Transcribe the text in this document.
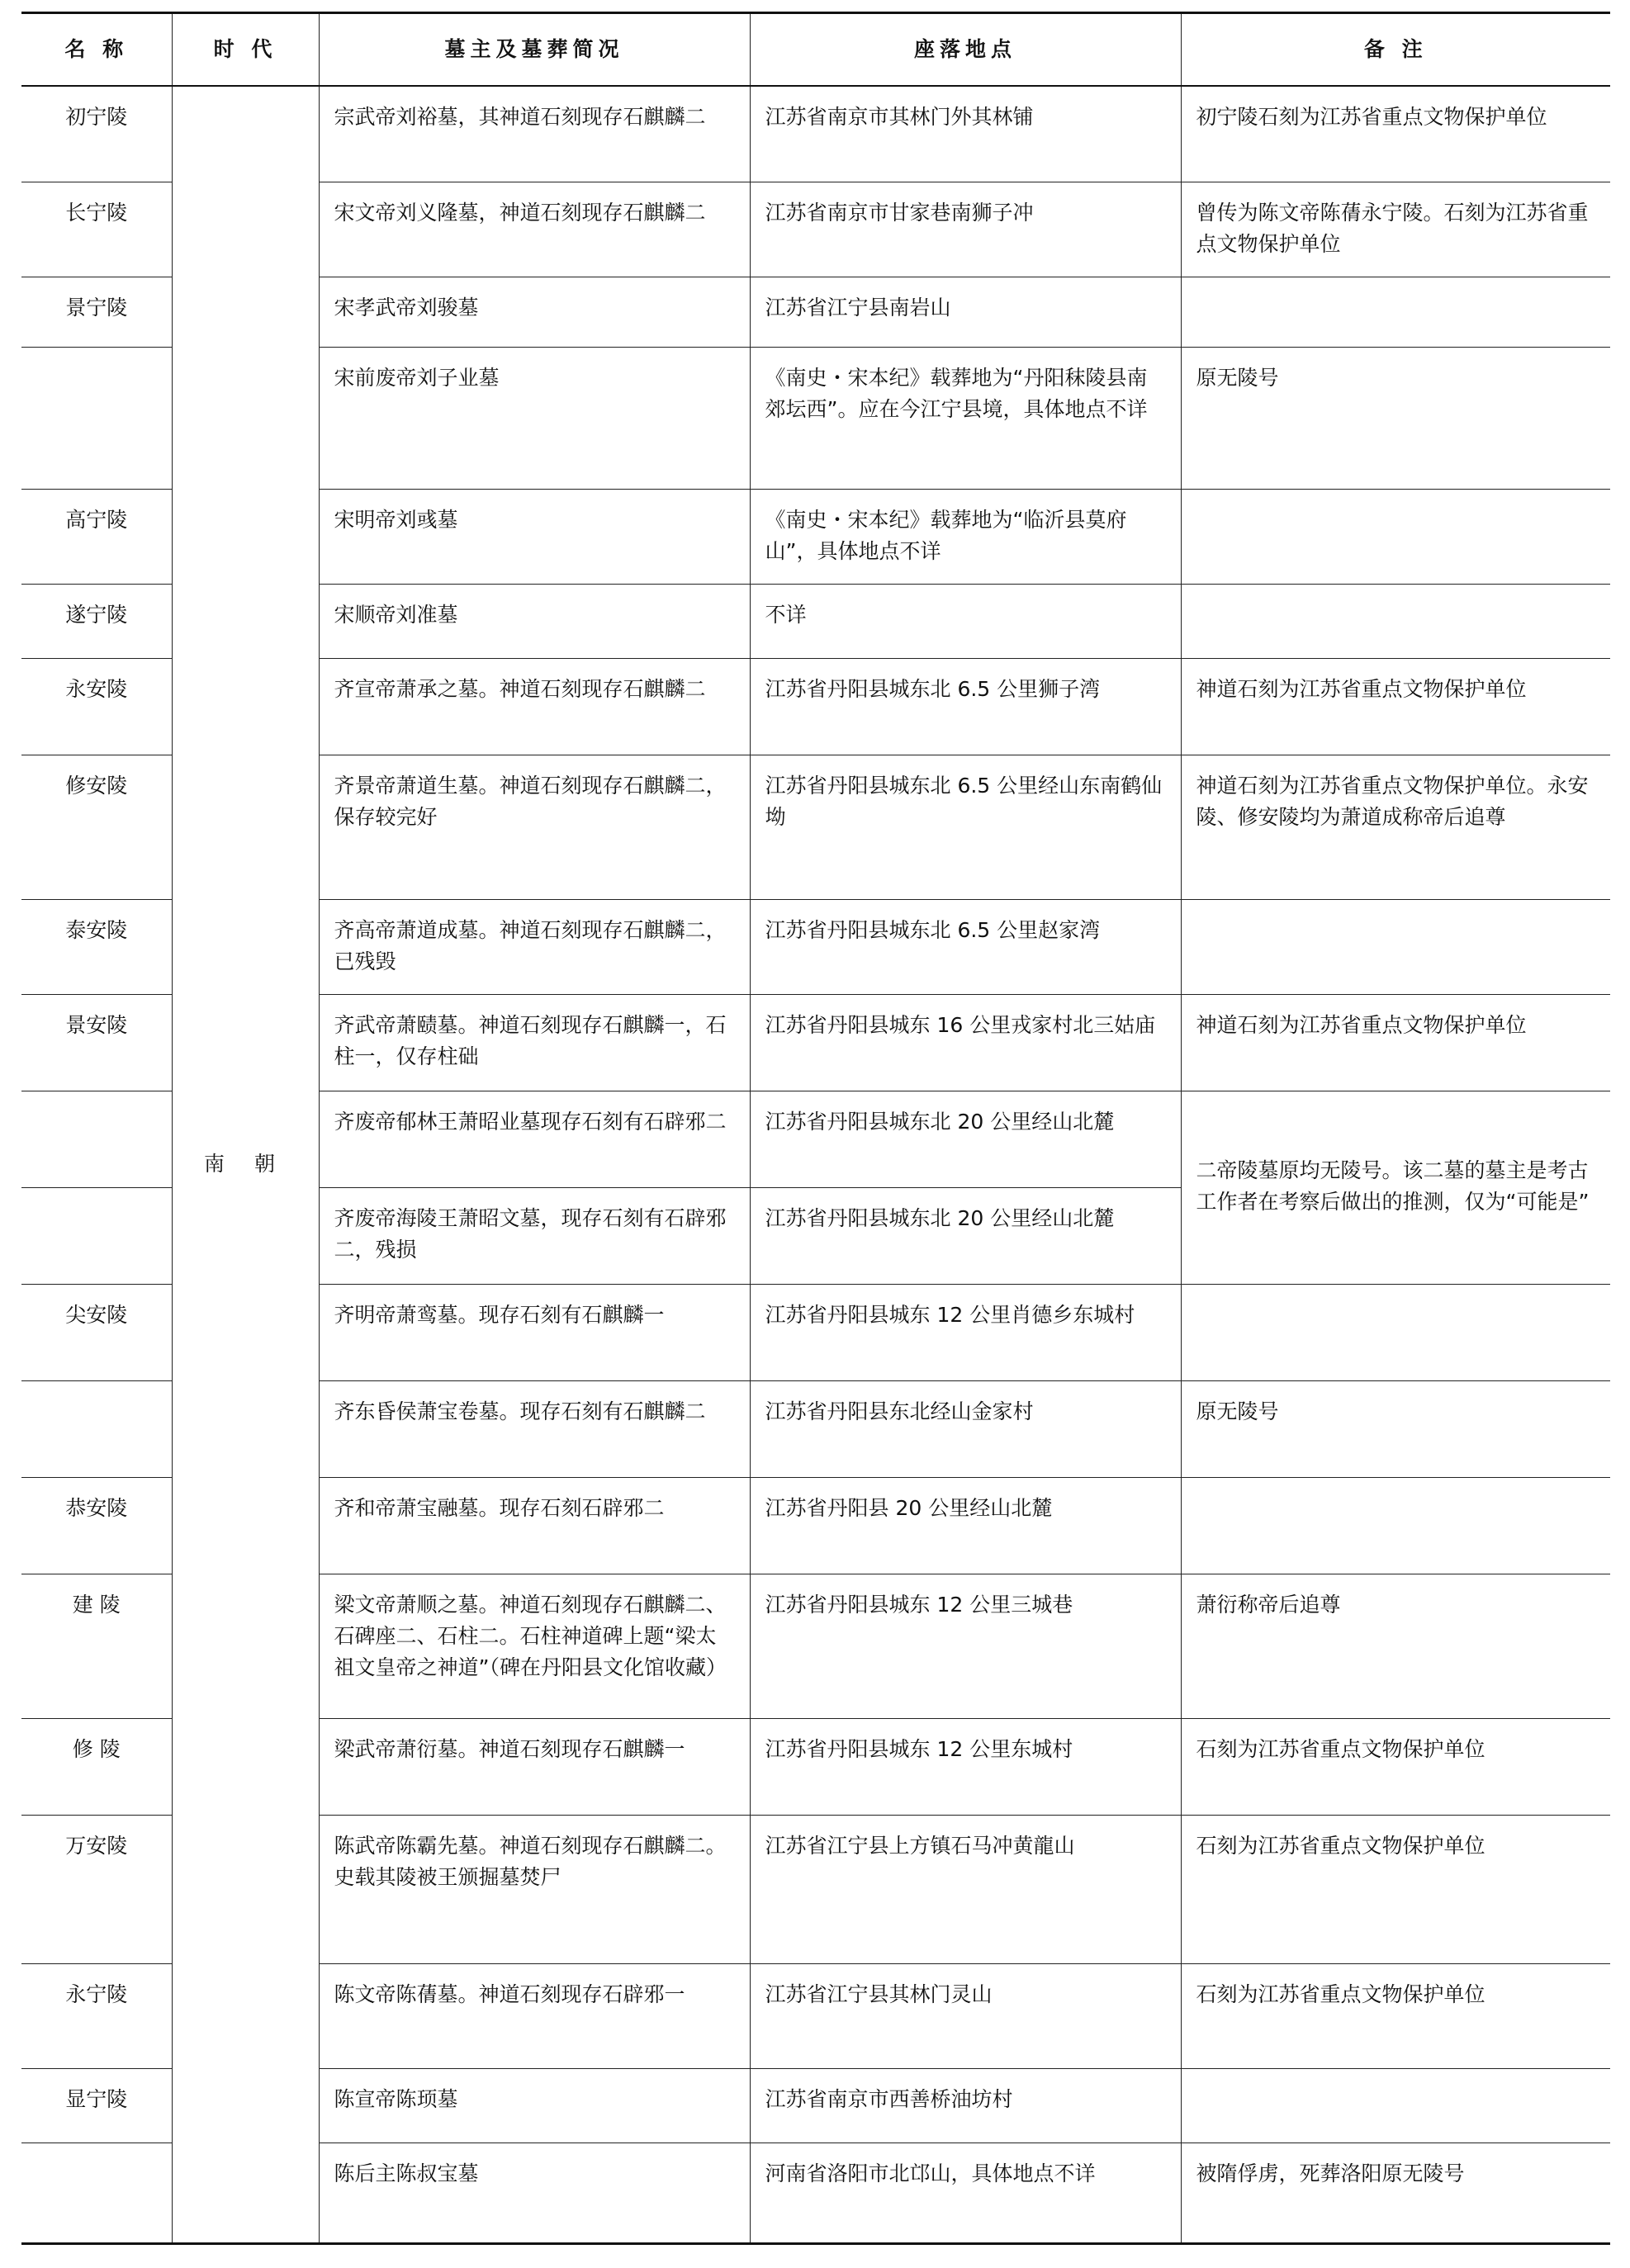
名 称	时 代	墓主及墓葬简况	座落地点	备 注
初宁陵	南 朝	宗武帝刘裕墓，其神道石刻现存石麒麟二	江苏省南京市其林门外其林铺	初宁陵石刻为江苏省重点文物保护单位
长宁陵		宋文帝刘义隆墓，神道石刻现存石麒麟二	江苏省南京市甘家巷南狮子冲	曾传为陈文帝陈蒨永宁陵。石刻为江苏省重点文物保护单位
景宁陵		宋孝武帝刘骏墓	江苏省江宁县南岩山	
		宋前废帝刘子业墓	《南史・宋本纪》载葬地为“丹阳秣陵县南郊坛西”。应在今江宁县境，具体地点不详	原无陵号
高宁陵		宋明帝刘彧墓	《南史・宋本纪》载葬地为“临沂县莫府山”，具体地点不详	
遂宁陵		宋顺帝刘准墓	不详	
永安陵		齐宣帝萧承之墓。神道石刻现存石麒麟二	江苏省丹阳县城东北 6.5 公里狮子湾	神道石刻为江苏省重点文物保护单位
修安陵		齐景帝萧道生墓。神道石刻现存石麒麟二，保存较完好	江苏省丹阳县城东北 6.5 公里经山东南鹤仙坳	神道石刻为江苏省重点文物保护单位。永安陵、修安陵均为萧道成称帝后追尊
泰安陵		齐高帝萧道成墓。神道石刻现存石麒麟二，已残毁	江苏省丹阳县城东北 6.5 公里赵家湾	
景安陵		齐武帝萧赜墓。神道石刻现存石麒麟一，石柱一，仅存柱础	江苏省丹阳县城东 16 公里戎家村北三姑庙	神道石刻为江苏省重点文物保护单位
		齐废帝郁林王萧昭业墓现存石刻有石辟邪二	江苏省丹阳县城东北 20 公里经山北麓	二帝陵墓原均无陵号。该二墓的墓主是考古工作者在考察后做出的推测，仅为“可能是”
		齐废帝海陵王萧昭文墓，现存石刻有石辟邪二，残损	江苏省丹阳县城东北 20 公里经山北麓	
尖安陵		齐明帝萧鸾墓。现存石刻有石麒麟一	江苏省丹阳县城东 12 公里肖德乡东城村	
		齐东昏侯萧宝卷墓。现存石刻有石麒麟二	江苏省丹阳县东北经山金家村	原无陵号
恭安陵		齐和帝萧宝融墓。现存石刻石辟邪二	江苏省丹阳县 20 公里经山北麓	
建 陵		梁文帝萧顺之墓。神道石刻现存石麒麟二、石碑座二、石柱二。石柱神道碑上题“梁太祖文皇帝之神道”（碑在丹阳县文化馆收藏）	江苏省丹阳县城东 12 公里三城巷	萧衍称帝后追尊
修 陵		梁武帝萧衍墓。神道石刻现存石麒麟一	江苏省丹阳县城东 12 公里东城村	石刻为江苏省重点文物保护单位
万安陵		陈武帝陈霸先墓。神道石刻现存石麒麟二。史载其陵被王颁掘墓焚尸	江苏省江宁县上方镇石马冲黄龍山	石刻为江苏省重点文物保护单位
永宁陵		陈文帝陈蒨墓。神道石刻现存石辟邪一	江苏省江宁县其林门灵山	石刻为江苏省重点文物保护单位
显宁陵		陈宣帝陈顼墓	江苏省南京市西善桥油坊村	
		陈后主陈叔宝墓	河南省洛阳市北邙山，具体地点不详	被隋俘虏，死葬洛阳原无陵号
